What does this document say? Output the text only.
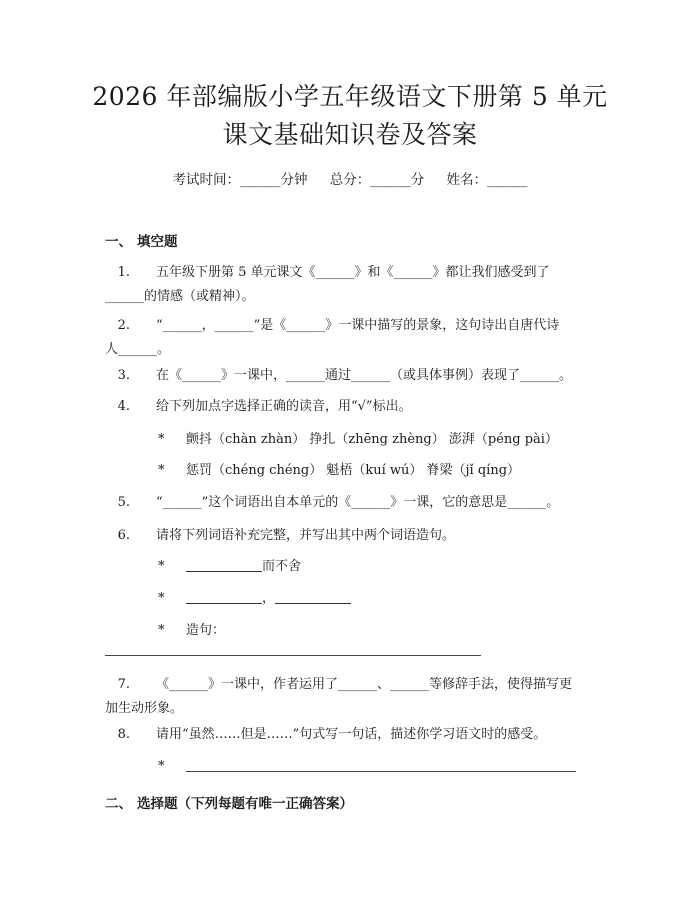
2026 年部编版小学五年级语文下册第 5 单元
课文基础知识卷及答案
考试时间：______分钟 总分：______分 姓名：______
一、 填空题
1. 五年级下册第 5 单元课文《______》和《______》都让我们感受到了
______的情感（或精神）。
2. “______，______”是《______》一课中描写的景象，这句诗出自唐代诗
人______。
3. 在《______》一课中，______通过______（或具体事例）表现了______。
4. 给下列加点字选择正确的读音，用“√”标出。
* 颤抖（chàn zhàn） 挣扎（zhēng zhèng） 澎湃（péng pài）
* 惩罚（chéng chéng） 魁梧（kuí wú） 脊梁（jǐ qíng）
5. “______”这个词语出自本单元的《______》一课，它的意思是______。
6. 请将下列词语补充完整，并写出其中两个词语造句。
*	而不舍
*	，
* 造句：
7. 《______》一课中，作者运用了______、______等修辞手法，使得描写更
加生动形象。
8. 请用“虽然……但是……”句式写一句话，描述你学习语文时的感受。
*
二、 选择题（下列每题有唯一正确答案）
